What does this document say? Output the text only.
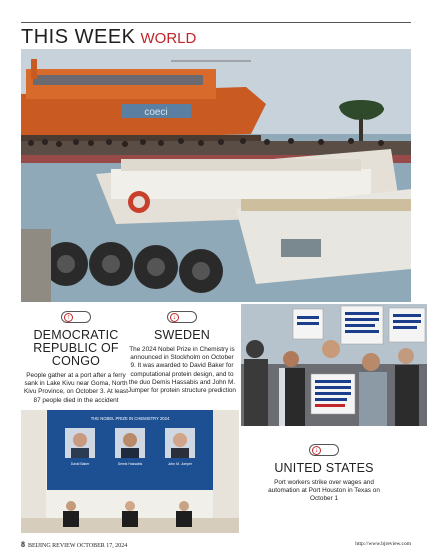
THIS WEEK WORLD
coeci
THE NOBEL PRIZE IN CHEMISTRY 2024
David Baker	Demis Hassabis	John M. Jumper
↑
DEMOCRATIC
REPUBLIC OF CONGO

People gather at a port after a ferry sank in Lake Kivu near Goma, North Kivu Province, on October 3. At least 87 people died in the accident

↓
SWEDEN

The 2024 Nobel Prize in Chemistry is announced in Stockholm on October 9. It was awarded to David Baker for computational protein design, and to the duo Demis Hassabis and John M. Jumper for protein structure prediction

↓
UNITED STATES

Port workers strike over wages and automation at Port Houston in Texas on October 1

8 BEIJING REVIEW OCTOBER 17, 2024	http://www.bjreview.com
